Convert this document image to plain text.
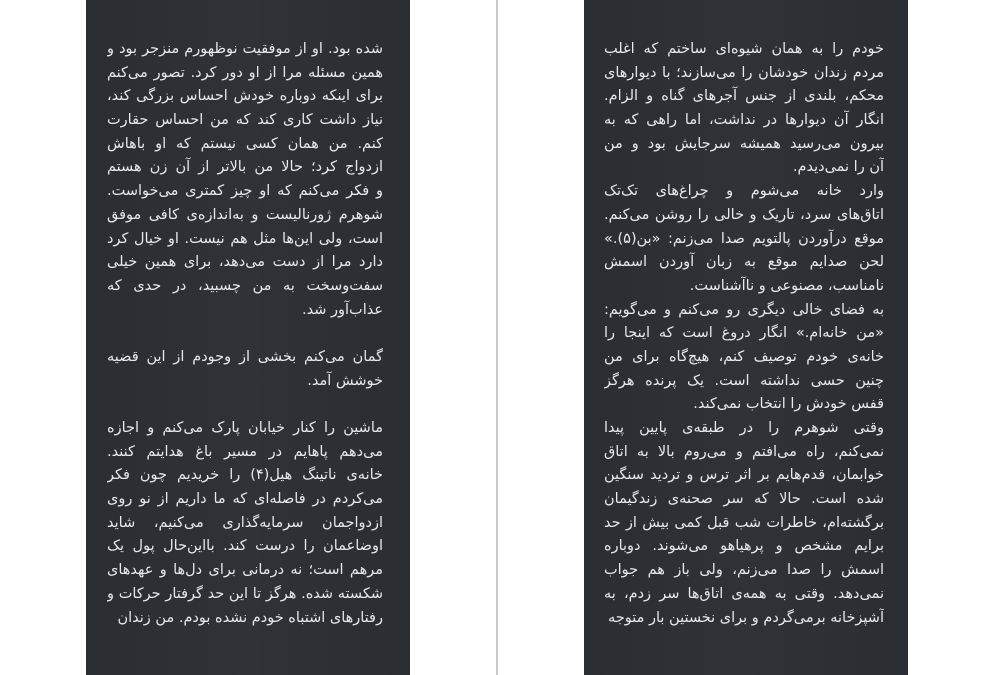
شده بود. او از موفقیت نوظهورم منزجر بود و
همین مسئله مرا از او دور کرد. تصور می‌کنم
برای اینکه دوباره خودش احساس بزرگی کند،
نیاز داشت کاری کند که من احساس حقارت
کنم. من همان کسی نیستم که او باهاش
ازدواج کرد؛ حالا من بالاتر از آن زن هستم
و فکر می‌کنم که او چیز کمتری می‌خواست.
شوهرم ژورنالیست و به‌اندازه‌ی کافی موفق
است، ولی این‌ها مثل هم نیست. او خیال کرد
دارد مرا از دست می‌دهد، برای همین خیلی
سفت‌وسخت به من چسبید، در حدی که
عذاب‌آور شد.
گمان می‌کنم بخشی از وجودم از این قضیه
خوشش آمد.
ماشین را کنار خیابان پارک می‌کنم و اجازه
می‌دهم پاهایم در مسیر باغ هدایتم کنند.
خانه‌ی ناتینگ هیل(۴) را خریدیم چون فکر
می‌کردم در فاصله‌ای که ما داریم از نو روی
ازدواجمان سرمایه‌گذاری می‌کنیم، شاید
اوضاعمان را درست کند. بااین‌حال پول یک
مرهم است؛ نه درمانی برای دل‌ها و عهدهای
شکسته شده. هرگز تا این حد گرفتار حرکات و
رفتارهای اشتباه خودم نشده بودم. من زندان
خودم را به همان شیوه‌ای ساختم که اغلب
مردم زندان خودشان را می‌سازند؛ با دیوارهای
محکم، بلندی از جنس آجرهای گناه و الزام.
انگار آن دیوارها در نداشت، اما راهی که به
بیرون می‌رسید همیشه سرجایش بود و من
آن را نمی‌دیدم.
وارد خانه می‌شوم و چراغ‌های تک‌تک
اتاق‌های سرد، تاریک و خالی را روشن می‌کنم.
موقع درآوردن پالتویم صدا می‌زنم: «بن(۵).»
لحن صدایم موقع به زبان آوردن اسمش
نامناسب، مصنوعی و ناآشناست.
به فضای خالی دیگری رو می‌کنم و می‌گویم:
«من خانه‌ام.» انگار دروغ است که اینجا را
خانه‌ی خودم توصیف کنم، هیچ‌گاه برای من
چنین حسی نداشته است. یک پرنده هرگز
قفس خودش را انتخاب نمی‌کند.
وقتی شوهرم را در طبقه‌ی پایین پیدا
نمی‌کنم، راه می‌افتم و می‌روم بالا به اتاق
خوابمان، قدم‌هایم بر اثر ترس و تردید سنگین
شده است. حالا که سر صحنه‌ی زندگیمان
برگشته‌ام، خاطرات شب قبل کمی بیش از حد
برایم مشخص و پرهیاهو می‌شوند. دوباره
اسمش را صدا می‌زنم، ولی باز هم جواب
نمی‌دهد. وقتی به همه‌ی اتاق‌ها سر زدم، به
آشپزخانه برمی‌گردم و برای نخستین بار متوجه
